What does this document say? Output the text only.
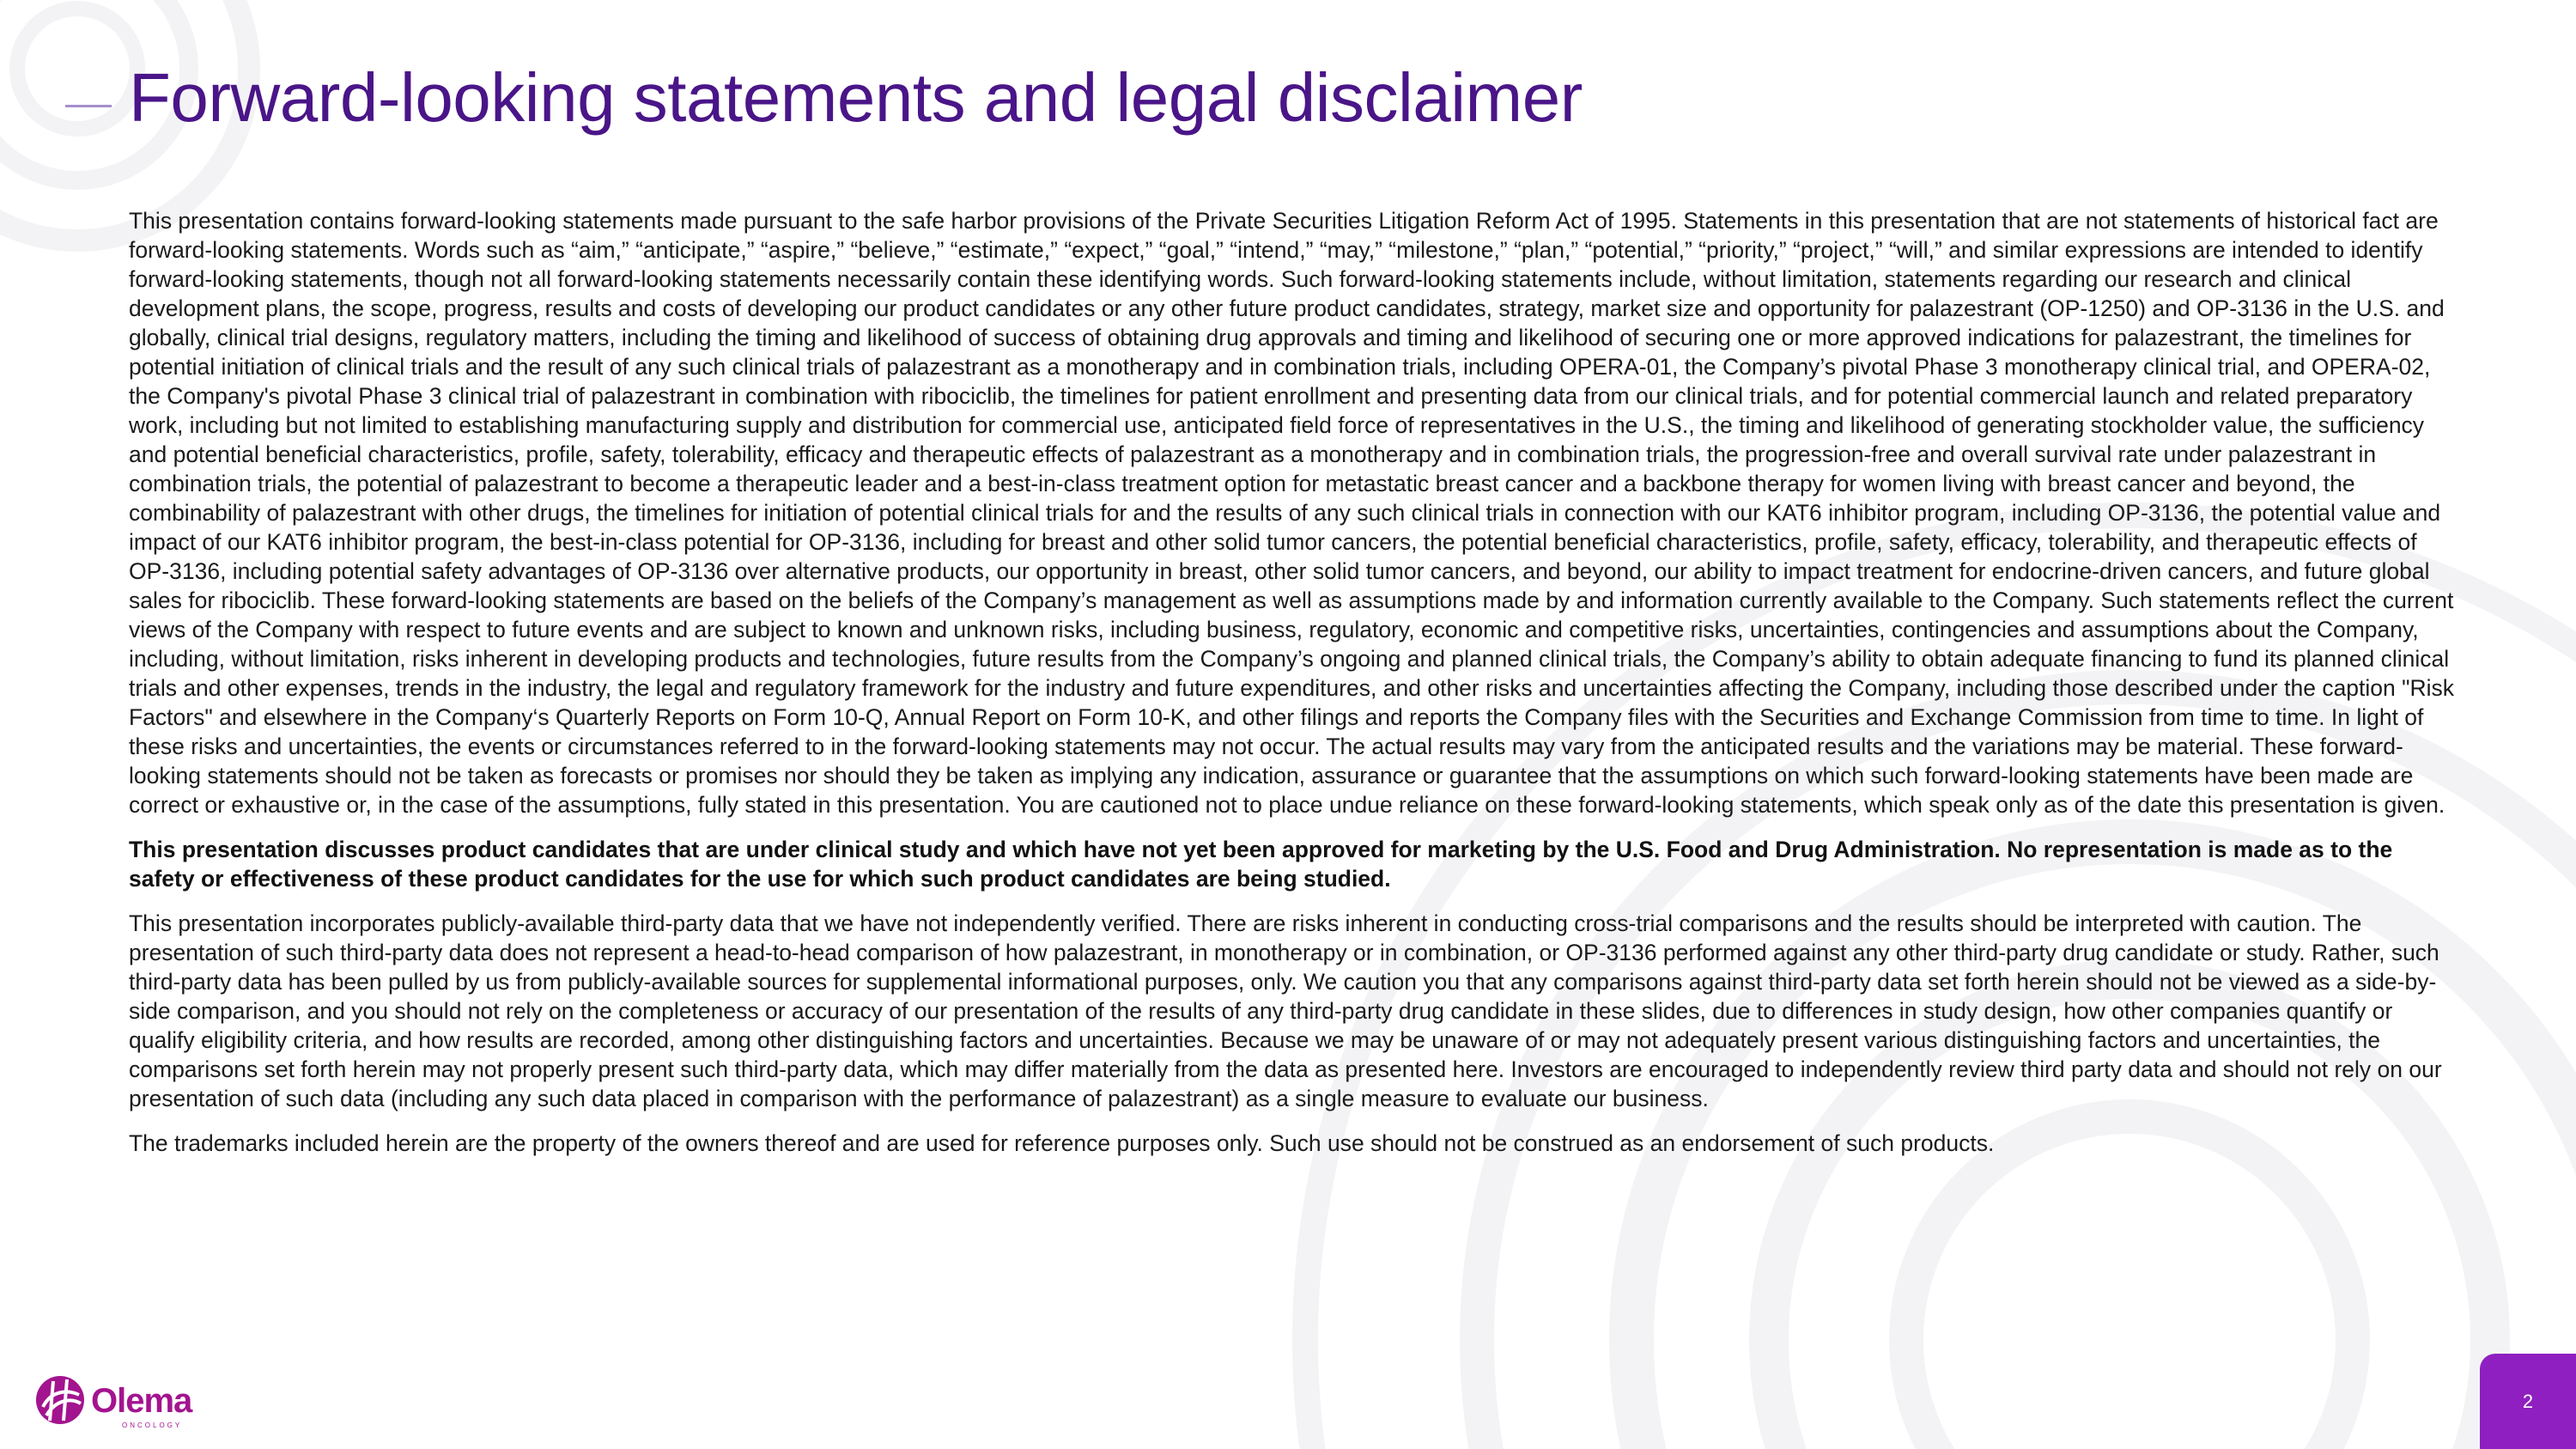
Forward-looking statements and legal disclaimer

This presentation contains forward-looking statements made pursuant to the safe harbor provisions of the Private Securities Litigation Reform Act of 1995. Statements in this presentation that are not statements of historical fact are forward-looking statements. Words such as “aim,” “anticipate,” “aspire,” “believe,” “estimate,” “expect,” “goal,” “intend,” “may,” “milestone,” “plan,” “potential,” “priority,” “project,” “will,” and similar expressions are intended to identify forward-looking statements, though not all forward-looking statements necessarily contain these identifying words. Such forward-looking statements include, without limitation, statements regarding our research and clinical development plans, the scope, progress, results and costs of developing our product candidates or any other future product candidates, strategy, market size and opportunity for palazestrant (OP-1250) and OP-3136 in the U.S. and globally, clinical trial designs, regulatory matters, including the timing and likelihood of success of obtaining drug approvals and timing and likelihood of securing one or more approved indications for palazestrant, the timelines for potential initiation of clinical trials and the result of any such clinical trials of palazestrant as a monotherapy and in combination trials, including OPERA-01, the Company’s pivotal Phase 3 monotherapy clinical trial, and OPERA-02, the Company's pivotal Phase 3 clinical trial of palazestrant in combination with ribociclib, the timelines for patient enrollment and presenting data from our clinical trials, and for potential commercial launch and related preparatory work, including but not limited to establishing manufacturing supply and distribution for commercial use, anticipated field force of representatives in the U.S., the timing and likelihood of generating stockholder value, the sufficiency and potential beneficial characteristics, profile, safety, tolerability, efficacy and therapeutic effects of palazestrant as a monotherapy and in combination trials, the progression-free and overall survival rate under palazestrant in combination trials, the potential of palazestrant to become a therapeutic leader and a best-in-class treatment option for metastatic breast cancer and a backbone therapy for women living with breast cancer and beyond, the combinability of palazestrant with other drugs, the timelines for initiation of potential clinical trials for and the results of any such clinical trials in connection with our KAT6 inhibitor program, including OP-3136, the potential value and impact of our KAT6 inhibitor program, the best-in-class potential for OP-3136, including for breast and other solid tumor cancers, the potential beneficial characteristics, profile, safety, efficacy, tolerability, and therapeutic effects of OP-3136, including potential safety advantages of OP-3136 over alternative products, our opportunity in breast, other solid tumor cancers, and beyond, our ability to impact treatment for endocrine-driven cancers, and future global sales for ribociclib. These forward-looking statements are based on the beliefs of the Company’s management as well as assumptions made by and information currently available to the Company. Such statements reflect the current views of the Company with respect to future events and are subject to known and unknown risks, including business, regulatory, economic and competitive risks, uncertainties, contingencies and assumptions about the Company, including, without limitation, risks inherent in developing products and technologies, future results from the Company’s ongoing and planned clinical trials, the Company’s ability to obtain adequate financing to fund its planned clinical trials and other expenses, trends in the industry, the legal and regulatory framework for the industry and future expenditures, and other risks and uncertainties affecting the Company, including those described under the caption "Risk Factors" and elsewhere in the Company‘s Quarterly Reports on Form 10-Q, Annual Report on Form 10-K, and other filings and reports the Company files with the Securities and Exchange Commission from time to time. In light of these risks and uncertainties, the events or circumstances referred to in the forward-looking statements may not occur. The actual results may vary from the anticipated results and the variations may be material. These forward-looking statements should not be taken as forecasts or promises nor should they be taken as implying any indication, assurance or guarantee that the assumptions on which such forward-looking statements have been made are correct or exhaustive or, in the case of the assumptions, fully stated in this presentation. You are cautioned not to place undue reliance on these forward-looking statements, which speak only as of the date this presentation is given.

This presentation discusses product candidates that are under clinical study and which have not yet been approved for marketing by the U.S. Food and Drug Administration. No representation is made as to the safety or effectiveness of these product candidates for the use for which such product candidates are being studied.

This presentation incorporates publicly-available third-party data that we have not independently verified. There are risks inherent in conducting cross-trial comparisons and the results should be interpreted with caution. The presentation of such third-party data does not represent a head-to-head comparison of how palazestrant, in monotherapy or in combination, or OP-3136 performed against any other third-party drug candidate or study. Rather, such third-party data has been pulled by us from publicly-available sources for supplemental informational purposes, only. We caution you that any comparisons against third-party data set forth herein should not be viewed as a side-by-side comparison, and you should not rely on the completeness or accuracy of our presentation of the results of any third-party drug candidate in these slides, due to differences in study design, how other companies quantify or qualify eligibility criteria, and how results are recorded, among other distinguishing factors and uncertainties. Because we may be unaware of or may not adequately present various distinguishing factors and uncertainties, the comparisons set forth herein may not properly present such third-party data, which may differ materially from the data as presented here. Investors are encouraged to independently review third party data and should not rely on our presentation of such data (including any such data placed in comparison with the performance of palazestrant) as a single measure to evaluate our business.

The trademarks included herein are the property of the owners thereof and are used for reference purposes only. Such use should not be construed as an endorsement of such products.

Olema
ONCOLOGY
2
